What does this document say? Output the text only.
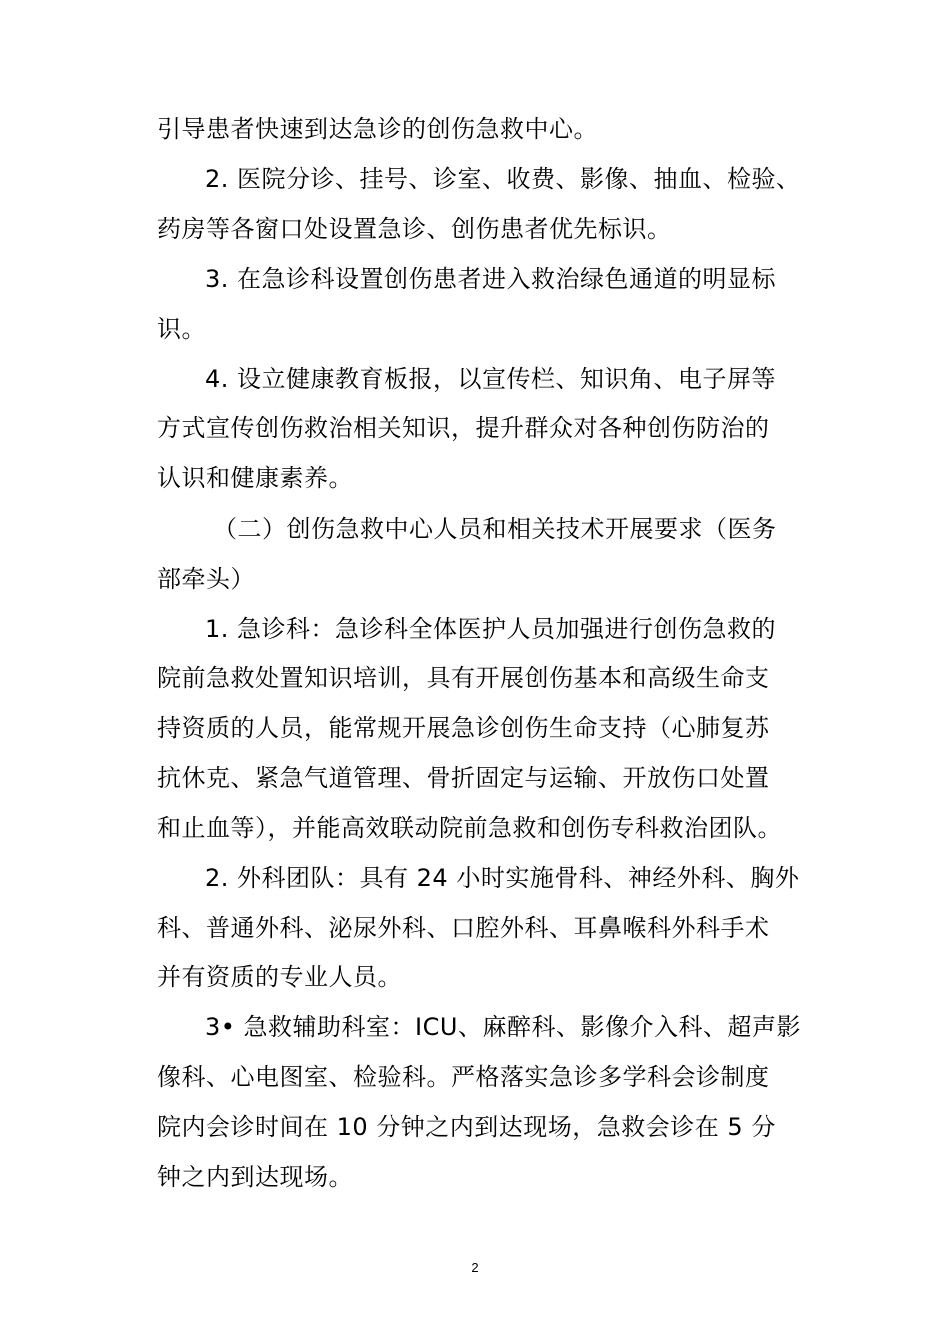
引导患者快速到达急诊的创伤急救中心。
2. 医院分诊、挂号、诊室、收费、影像、抽血、检验、
药房等各窗口处设置急诊、创伤患者优先标识。
3. 在急诊科设置创伤患者进入救治绿色通道的明显标
识。
4. 设立健康教育板报，以宣传栏、知识角、电子屏等
方式宣传创伤救治相关知识，提升群众对各种创伤防治的
认识和健康素养。
（二）创伤急救中心人员和相关技术开展要求（医务
部牵头）
1. 急诊科：急诊科全体医护人员加强进行创伤急救的
院前急救处置知识培训，具有开展创伤基本和高级生命支
持资质的人员，能常规开展急诊创伤生命支持（心肺复苏
抗休克、紧急气道管理、骨折固定与运输、开放伤口处置
和止血等），并能高效联动院前急救和创伤专科救治团队。
2. 外科团队：具有 24 小时实施骨科、神经外科、胸外
科、普通外科、泌尿外科、口腔外科、耳鼻喉科外科手术
并有资质的专业人员。
3• 急救辅助科室：ICU、麻醉科、影像介入科、超声影
像科、心电图室、检验科。严格落实急诊多学科会诊制度
院内会诊时间在 10 分钟之内到达现场，急救会诊在 5 分
钟之内到达现场。
2
